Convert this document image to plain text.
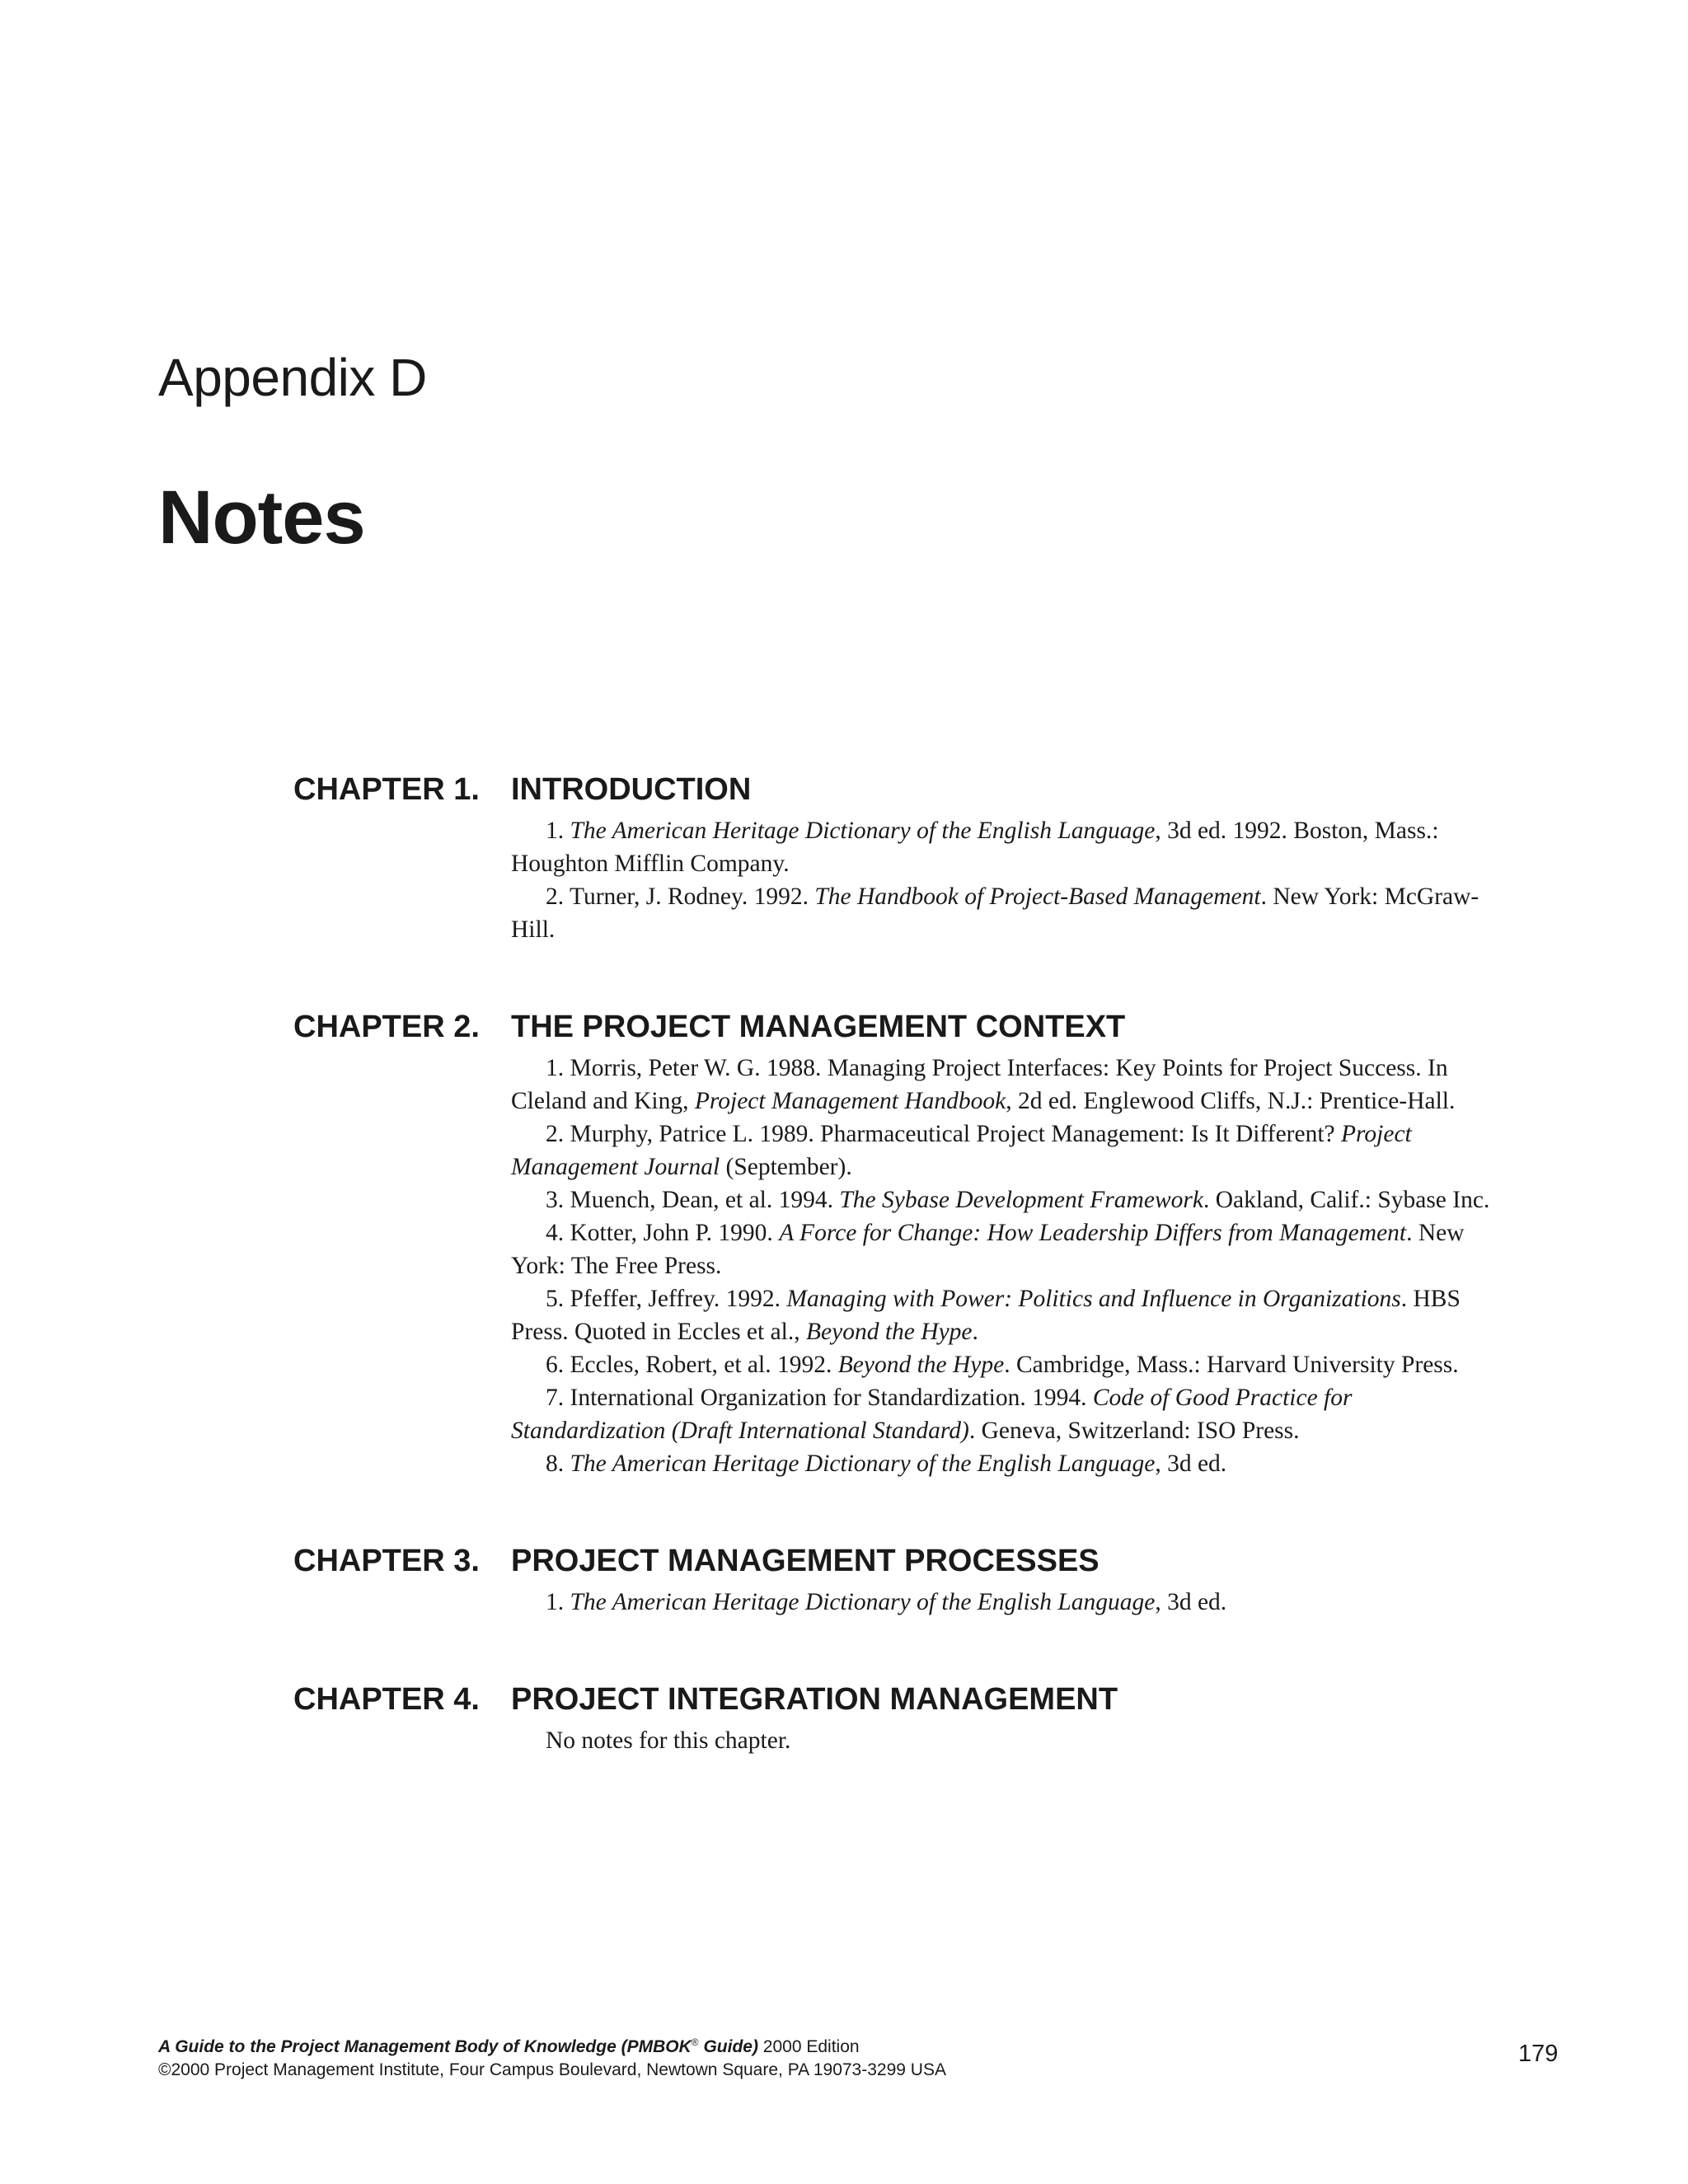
Appendix D
Notes
CHAPTER 1.	INTRODUCTION

1. The American Heritage Dictionary of the English Language, 3d ed. 1992. Boston, Mass.: Houghton Mifflin Company.

2. Turner, J. Rodney. 1992. The Handbook of Project-Based Management. New York: McGraw-Hill.

CHAPTER 2.	THE PROJECT MANAGEMENT CONTEXT

1. Morris, Peter W. G. 1988. Managing Project Interfaces: Key Points for Project Success. In Cleland and King, Project Management Handbook, 2d ed. Englewood Cliffs, N.J.: Prentice-Hall.

2. Murphy, Patrice L. 1989. Pharmaceutical Project Management: Is It Different? Project Management Journal (September).

3. Muench, Dean, et al. 1994. The Sybase Development Framework. Oakland, Calif.: Sybase Inc.

4. Kotter, John P. 1990. A Force for Change: How Leadership Differs from Management. New York: The Free Press.

5. Pfeffer, Jeffrey. 1992. Managing with Power: Politics and Influence in Organizations. HBS Press. Quoted in Eccles et al., Beyond the Hype.

6. Eccles, Robert, et al. 1992. Beyond the Hype. Cambridge, Mass.: Harvard University Press.

7. International Organization for Standardization. 1994. Code of Good Practice for Standardization (Draft International Standard). Geneva, Switzerland: ISO Press.

8. The American Heritage Dictionary of the English Language, 3d ed.

CHAPTER 3.	PROJECT MANAGEMENT PROCESSES

1. The American Heritage Dictionary of the English Language, 3d ed.

CHAPTER 4.	PROJECT INTEGRATION MANAGEMENT

No notes for this chapter.

A Guide to the Project Management Body of Knowledge (PMBOK® Guide) 2000 Edition
©2000 Project Management Institute, Four Campus Boulevard, Newtown Square, PA 19073-3299 USA
179
